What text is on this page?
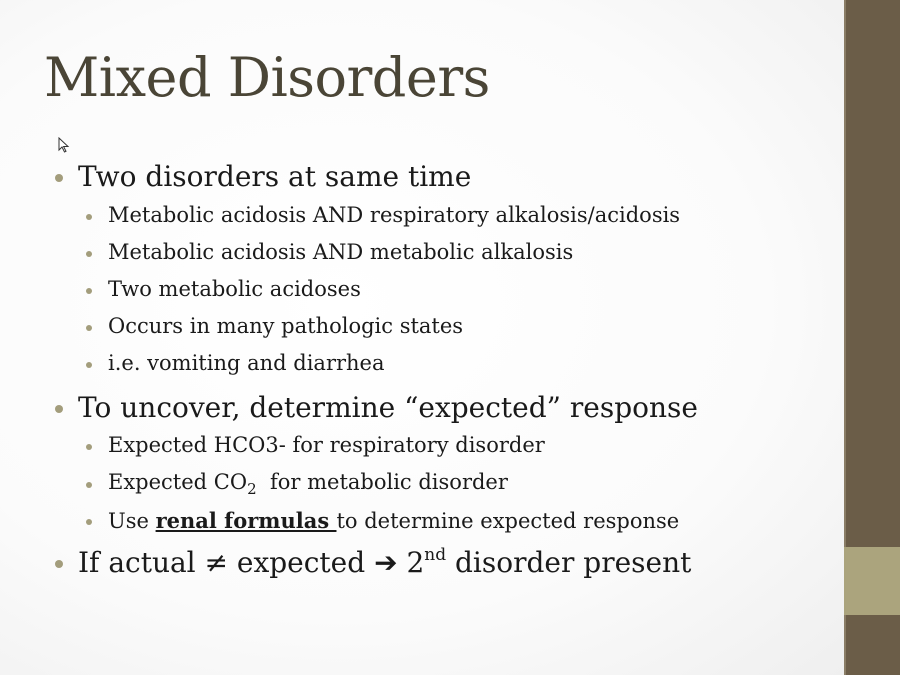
Mixed Disorders
Two disorders at same time
Metabolic acidosis AND respiratory alkalosis/acidosis
Metabolic acidosis AND metabolic alkalosis
Two metabolic acidoses
Occurs in many pathologic states
i.e. vomiting and diarrhea
To uncover, determine “expected” response
Expected HCO3- for respiratory disorder
Expected $CO_2$  for metabolic disorder
Use renal formulas to determine expected response
If actual ≠ expected ➔ 2nd disorder present
